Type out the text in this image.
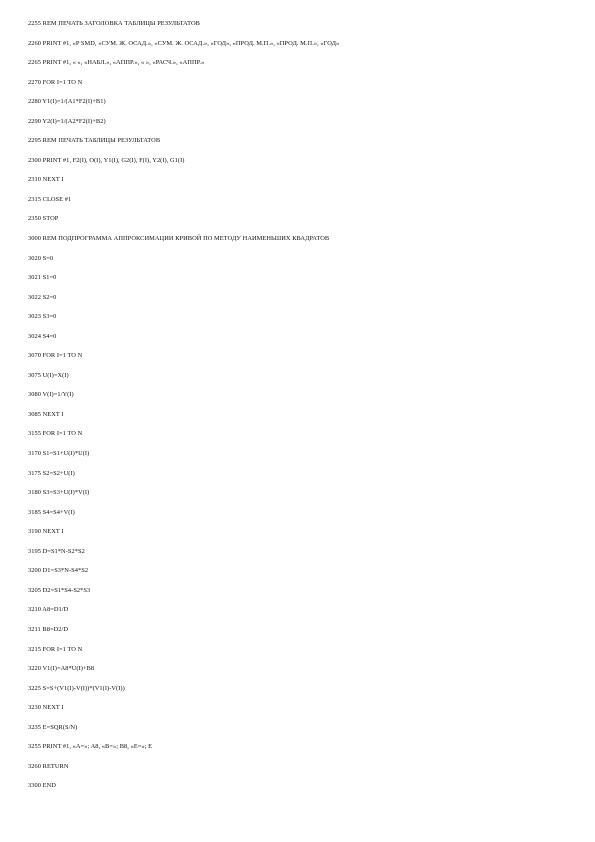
2255 REM ПЕЧАТЬ ЗАГОЛОВКА ТАБЛИЦЫ РЕЗУЛЬТАТОВ
2260 PRINT #1, «P SMD, «СУМ. Ж. ОСАД.», «СУМ. Ж. ОСАД.», «ГОД», «ПРОД. М.П.», «ПРОД. М.П.», «ГОД»
2265 PRINT #1, « », «НАБЛ.», «АППР.», « », «РАСЧ.», «АППР.»
2270 FOR I=1 TO N
2280 Y1(I)=1/(A1*F2(I)+B1)
2290 Y2(I)=1/(A2*F2(I)+B2)
2295 REM ПЕЧАТЬ ТАБЛИЦЫ РЕЗУЛЬТАТОВ
2300 PRINT #1, F2(I), O(I), Y1(I), G2(I), F(I), Y2(I), G1(I)
2310 NEXT I
2315 CLOSE #1
2350 STOP
3000 REM ПОДПРОГРАММА АППРОКСИМАЦИИ КРИВОЙ ПО МЕТОДУ НАИМЕНЬШИХ КВАДРАТОВ
3020 S=0
3021 S1=0
3022 S2=0
3023 S3=0
3024 S4=0
3070 FOR I=1 TO N
3075 U(I)=X(I)
3080 V(I)=1/Y(I)
3085 NEXT I
3155 FOR I=1 TO N
3170 S1=S1+U(I)*U(I)
3175 S2=S2+U(I)
3180 S3=S3+U(I)*V(I)
3185 S4=S4+V(I)
3190 NEXT I
3195 D=S1*N-S2*S2
3200 D1=S3*N-S4*S2
3205 D2=S1*S4-S2*S3
3210 A8=D1/D
3211 B8=D2/D
3215 FOR I=1 TO N
3220 V1(I)=A8*U(I)+B8
3225 S=S+(V1(I)-V(I))*(V1(I)-V(I))
3230 NEXT I
3235 E=SQR(S/N)
3255 PRINT #1, «A=»; A8, «B=»; B8, «E=»; E
3260 RETURN
3300 END
